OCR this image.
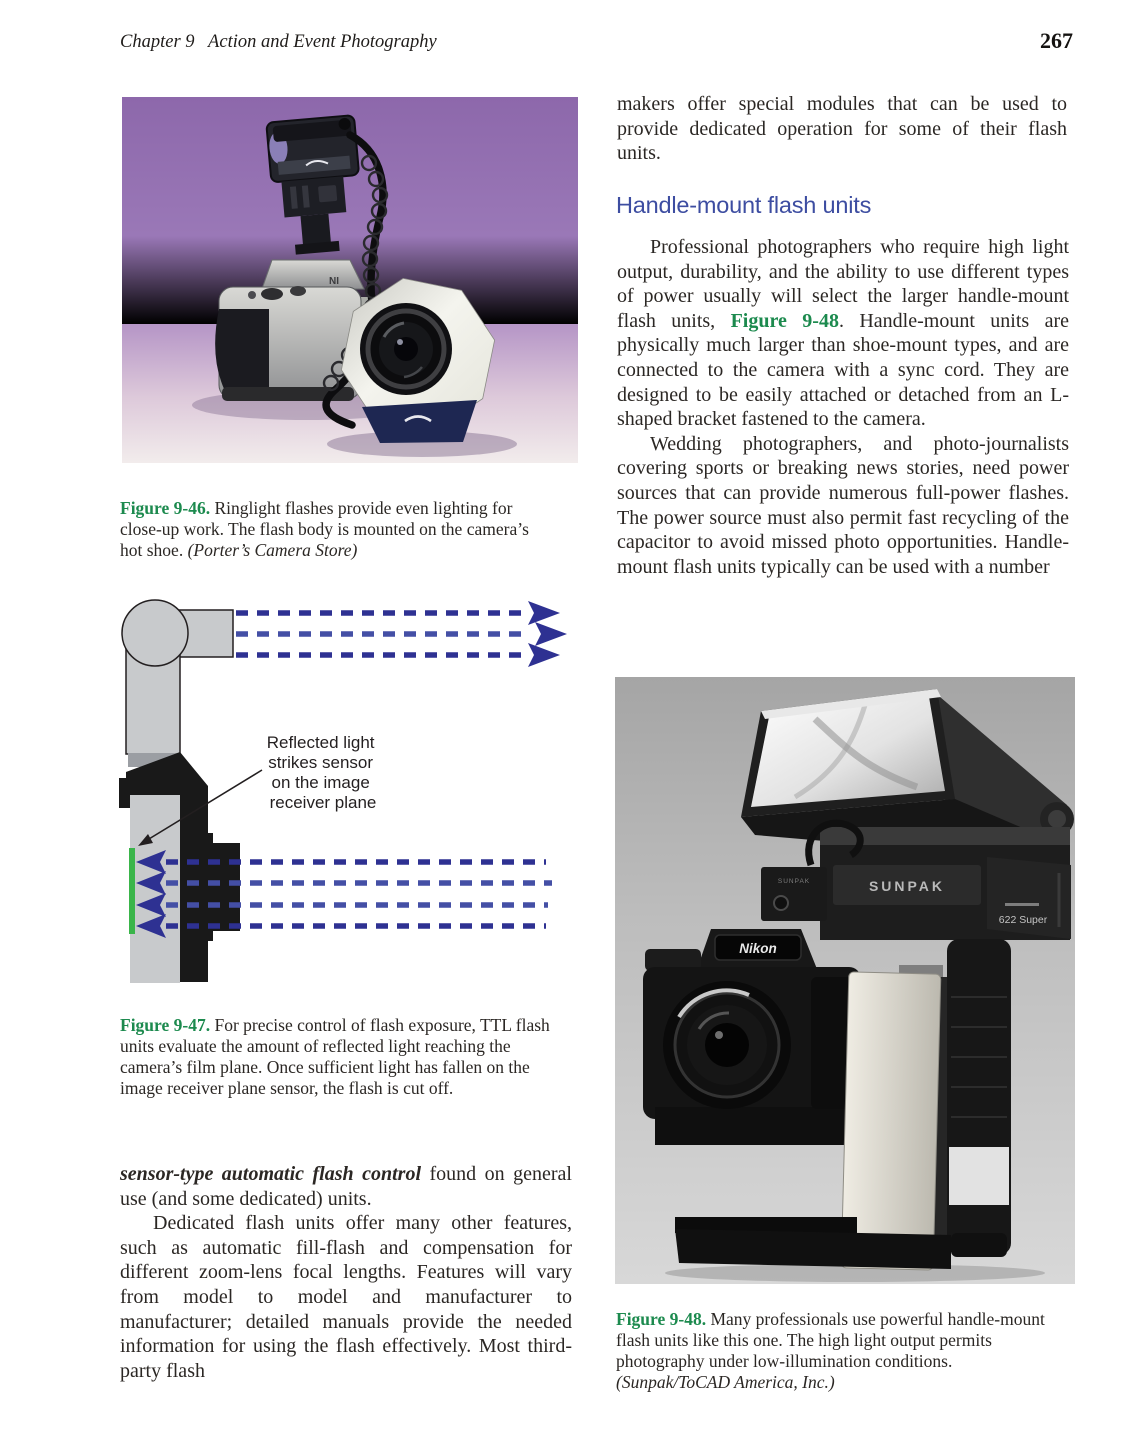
Chapter 9   Action and Event Photography	267
NI

Figure 9-46. Ringlight flashes provide even lighting for close-up work. The flash body is mounted on the camera’s hot shoe. (Porter’s Camera Store)

Reflected light strikes sensor on the image receiver plane

Figure 9-47. For precise control of flash exposure, TTL flash units evaluate the amount of reflected light reaching the camera’s film plane. Once sufficient light has fallen on the image receiver plane sensor, the flash is cut off.

sensor-type automatic flash control found on general use (and some dedicated) units.

Dedicated flash units offer many other features, such as automatic fill-flash and compensation for different zoom-lens focal lengths. Features will vary from model to model and manufacturer to manufacturer; detailed manuals provide the needed information for using the flash effectively. Most third-party flash

makers offer special modules that can be used to provide dedicated operation for some of their flash units.

Handle-mount flash units

Professional photographers who require high light output, durability, and the ability to use different types of power usually will select the larger handle-mount flash units, Figure 9-48. Handle-mount units are physically much larger than shoe-mount types, and are connected to the camera with a sync cord. They are designed to be easily attached or detached from an L-shaped bracket fastened to the camera.

Wedding photographers, and photo-journalists covering sports or breaking news stories, need power sources that can provide numerous full-power flashes. The power source must also permit fast recycling of the capacitor to avoid missed photo opportunities. Handle-mount flash units typically can be used with a number

SUNPAK
622 Super
SUNPAK
Nikon

Figure 9-48. Many professionals use powerful handle-mount flash units like this one. The high light output permits photography under low-illumination conditions. (Sunpak/ToCAD America, Inc.)
